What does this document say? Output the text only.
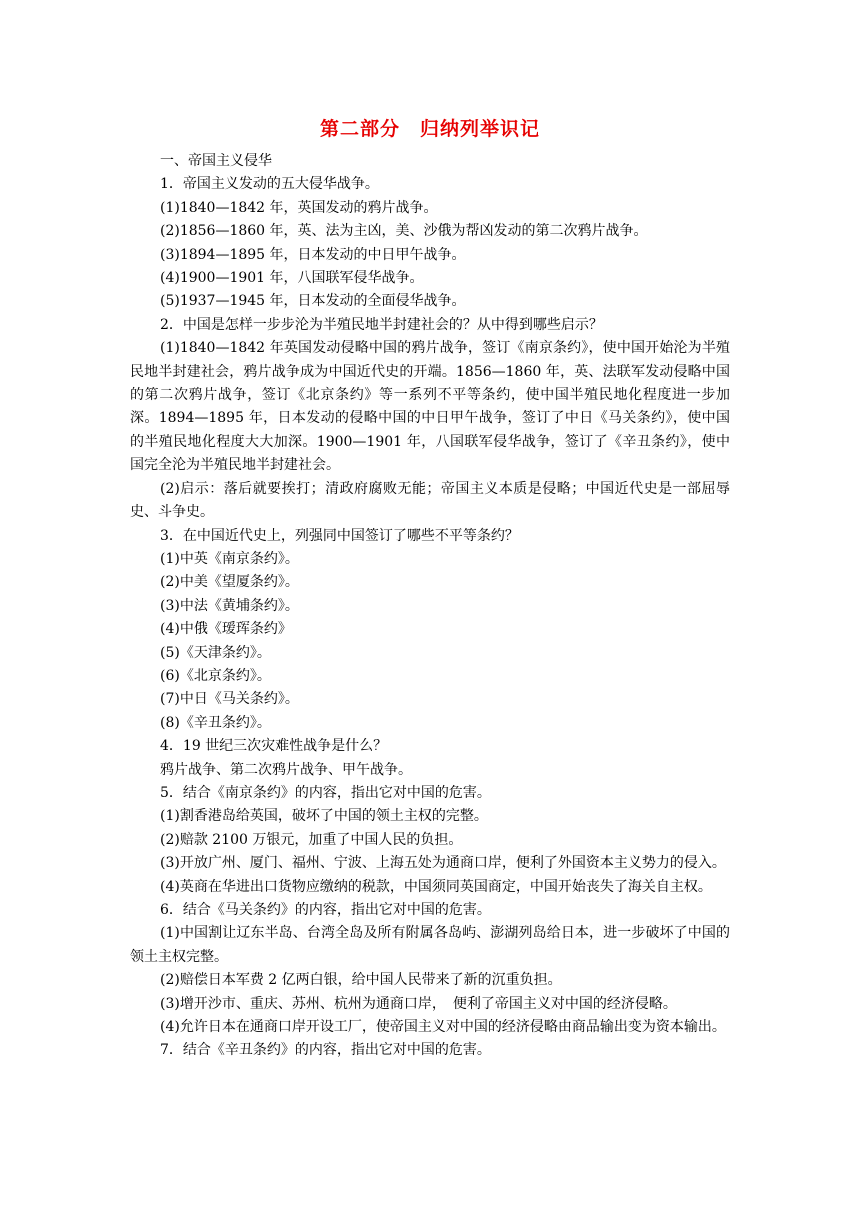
第二部分　归纳列举识记

一、帝国主义侵华

1．帝国主义发动的五大侵华战争。

(1)1840—1842 年，英国发动的鸦片战争。

(2)1856—1860 年，英、法为主凶，美、沙俄为帮凶发动的第二次鸦片战争。

(3)1894—1895 年，日本发动的中日甲午战争。

(4)1900—1901 年，八国联军侵华战争。

(5)1937—1945 年，日本发动的全面侵华战争。

2．中国是怎样一步步沦为半殖民地半封建社会的？从中得到哪些启示？

(1)1840—1842 年英国发动侵略中国的鸦片战争，签订《南京条约》，使中国开始沦为半殖民地半封建社会，鸦片战争成为中国近代史的开端。1856—1860 年，英、法联军发动侵略中国的第二次鸦片战争，签订《北京条约》等一系列不平等条约，使中国半殖民地化程度进一步加深。1894—1895 年，日本发动的侵略中国的中日甲午战争，签订了中日《马关条约》，使中国的半殖民地化程度大大加深。1900—1901 年，八国联军侵华战争，签订了《辛丑条约》，使中国完全沦为半殖民地半封建社会。

(2)启示：落后就要挨打；清政府腐败无能；帝国主义本质是侵略；中国近代史是一部屈辱史、斗争史。

3．在中国近代史上，列强同中国签订了哪些不平等条约？

(1)中英《南京条约》。

(2)中美《望厦条约》。

(3)中法《黄埔条约》。

(4)中俄《瑷珲条约》

(5)《天津条约》。

(6)《北京条约》。

(7)中日《马关条约》。

(8)《辛丑条约》。

4．19 世纪三次灾难性战争是什么？

鸦片战争、第二次鸦片战争、甲午战争。

5．结合《南京条约》的内容，指出它对中国的危害。

(1)割香港岛给英国，破坏了中国的领土主权的完整。

(2)赔款 2100 万银元，加重了中国人民的负担。

(3)开放广州、厦门、福州、宁波、上海五处为通商口岸，便利了外国资本主义势力的侵入。

(4)英商在华进出口货物应缴纳的税款，中国须同英国商定，中国开始丧失了海关自主权。

6．结合《马关条约》的内容，指出它对中国的危害。

(1)中国割让辽东半岛、台湾全岛及所有附属各岛屿、澎湖列岛给日本，进一步破坏了中国的领土主权完整。

(2)赔偿日本军费 2 亿两白银，给中国人民带来了新的沉重负担。

(3)增开沙市、重庆、苏州、杭州为通商口岸，　便利了帝国主义对中国的经济侵略。

(4)允许日本在通商口岸开设工厂，使帝国主义对中国的经济侵略由商品输出变为资本输出。

7．结合《辛丑条约》的内容，指出它对中国的危害。
